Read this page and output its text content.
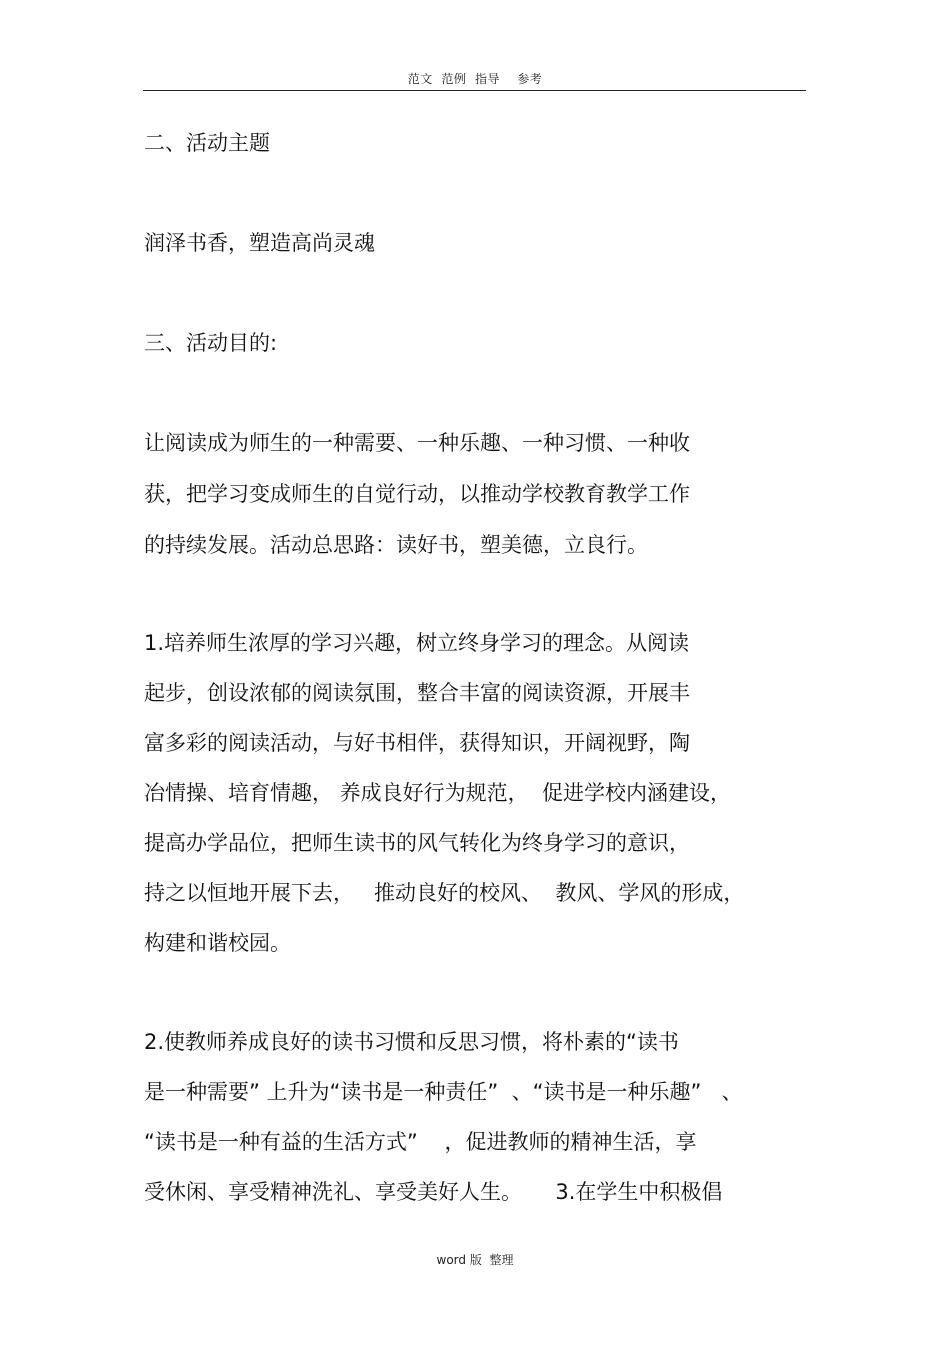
范文  范例  指导    参考
二、活动主题
润泽书香，塑造高尚灵魂
三、活动目的:
让阅读成为师生的一种需要、一种乐趣、一种习惯、一种收
获，把学习变成师生的自觉行动，以推动学校教育教学工作
的持续发展。活动总思路：读好书，塑美德，立良行。
1.培养师生浓厚的学习兴趣，树立终身学习的理念。从阅读
起步，创设浓郁的阅读氛围，整合丰富的阅读资源，开展丰
富多彩的阅读活动，与好书相伴，获得知识，开阔视野，陶
冶情操、培育情趣， 养成良好行为规范，  促进学校内涵建设，
提高办学品位，把师生读书的风气转化为终身学习的意识，
持之以恒地开展下去，   推动良好的校风、  教风、学风的形成，
构建和谐校园。
2.使教师养成良好的读书习惯和反思习惯，将朴素的“读书
是一种需要” 上升为“读书是一种责任”  、“读书是一种乐趣”   、
“读书是一种有益的生活方式”    ，促进教师的精神生活，享
受休闲、享受精神洗礼、享受美好人生。     3.在学生中积极倡
word 版  整理
